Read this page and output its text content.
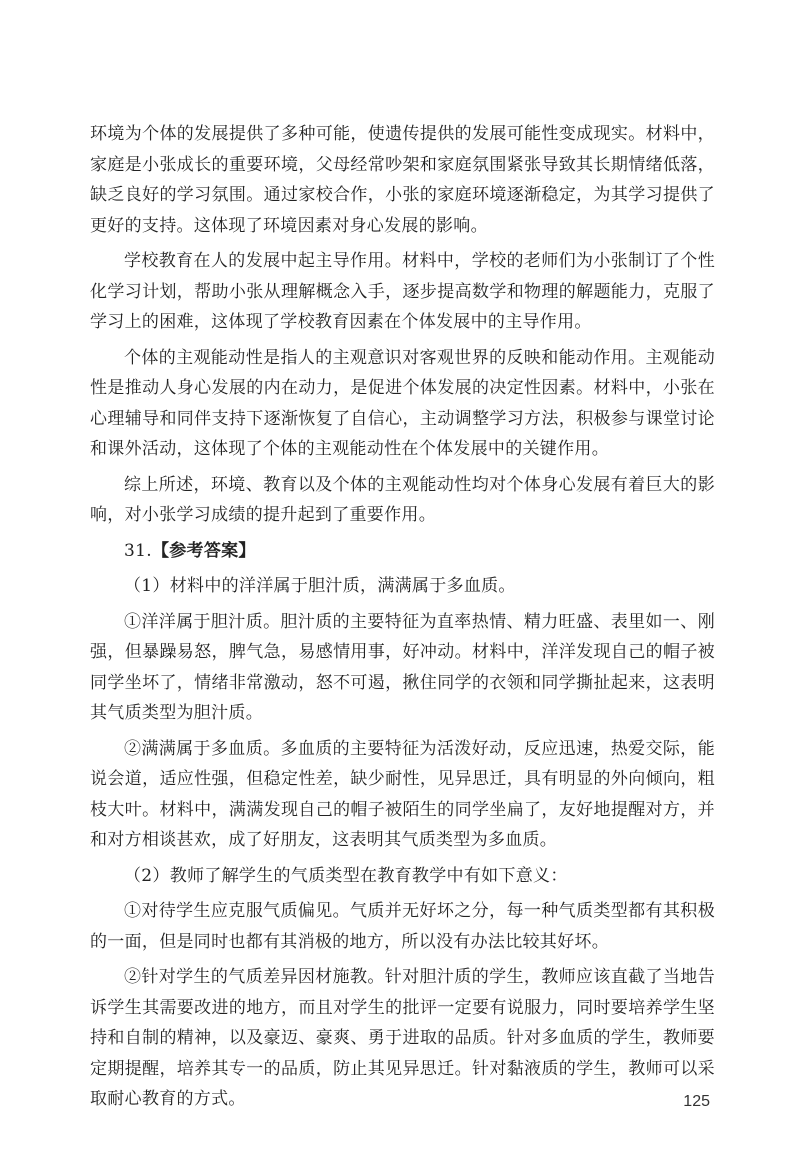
环境为个体的发展提供了多种可能，使遗传提供的发展可能性变成现实。材料中，家庭是小张成长的重要环境，父母经常吵架和家庭氛围紧张导致其长期情绪低落，缺乏良好的学习氛围。通过家校合作，小张的家庭环境逐渐稳定，为其学习提供了更好的支持。这体现了环境因素对身心发展的影响。

学校教育在人的发展中起主导作用。材料中，学校的老师们为小张制订了个性化学习计划，帮助小张从理解概念入手，逐步提高数学和物理的解题能力，克服了学习上的困难，这体现了学校教育因素在个体发展中的主导作用。

个体的主观能动性是指人的主观意识对客观世界的反映和能动作用。主观能动性是推动人身心发展的内在动力，是促进个体发展的决定性因素。材料中，小张在心理辅导和同伴支持下逐渐恢复了自信心，主动调整学习方法，积极参与课堂讨论和课外活动，这体现了个体的主观能动性在个体发展中的关键作用。

综上所述，环境、教育以及个体的主观能动性均对个体身心发展有着巨大的影响，对小张学习成绩的提升起到了重要作用。

31.【参考答案】

（1）材料中的洋洋属于胆汁质，满满属于多血质。

①洋洋属于胆汁质。胆汁质的主要特征为直率热情、精力旺盛、表里如一、刚强，但暴躁易怒，脾气急，易感情用事，好冲动。材料中，洋洋发现自己的帽子被同学坐坏了，情绪非常激动，怒不可遏，揪住同学的衣领和同学撕扯起来，这表明其气质类型为胆汁质。

②满满属于多血质。多血质的主要特征为活泼好动，反应迅速，热爱交际，能说会道，适应性强，但稳定性差，缺少耐性，见异思迁，具有明显的外向倾向，粗枝大叶。材料中，满满发现自己的帽子被陌生的同学坐扁了，友好地提醒对方，并和对方相谈甚欢，成了好朋友，这表明其气质类型为多血质。

（2）教师了解学生的气质类型在教育教学中有如下意义：

①对待学生应克服气质偏见。气质并无好坏之分，每一种气质类型都有其积极的一面，但是同时也都有其消极的地方，所以没有办法比较其好坏。

②针对学生的气质差异因材施教。针对胆汁质的学生，教师应该直截了当地告诉学生其需要改进的地方，而且对学生的批评一定要有说服力，同时要培养学生坚持和自制的精神，以及豪迈、豪爽、勇于进取的品质。针对多血质的学生，教师要定期提醒，培养其专一的品质，防止其见异思迁。针对黏液质的学生，教师可以采取耐心教育的方式。	125
